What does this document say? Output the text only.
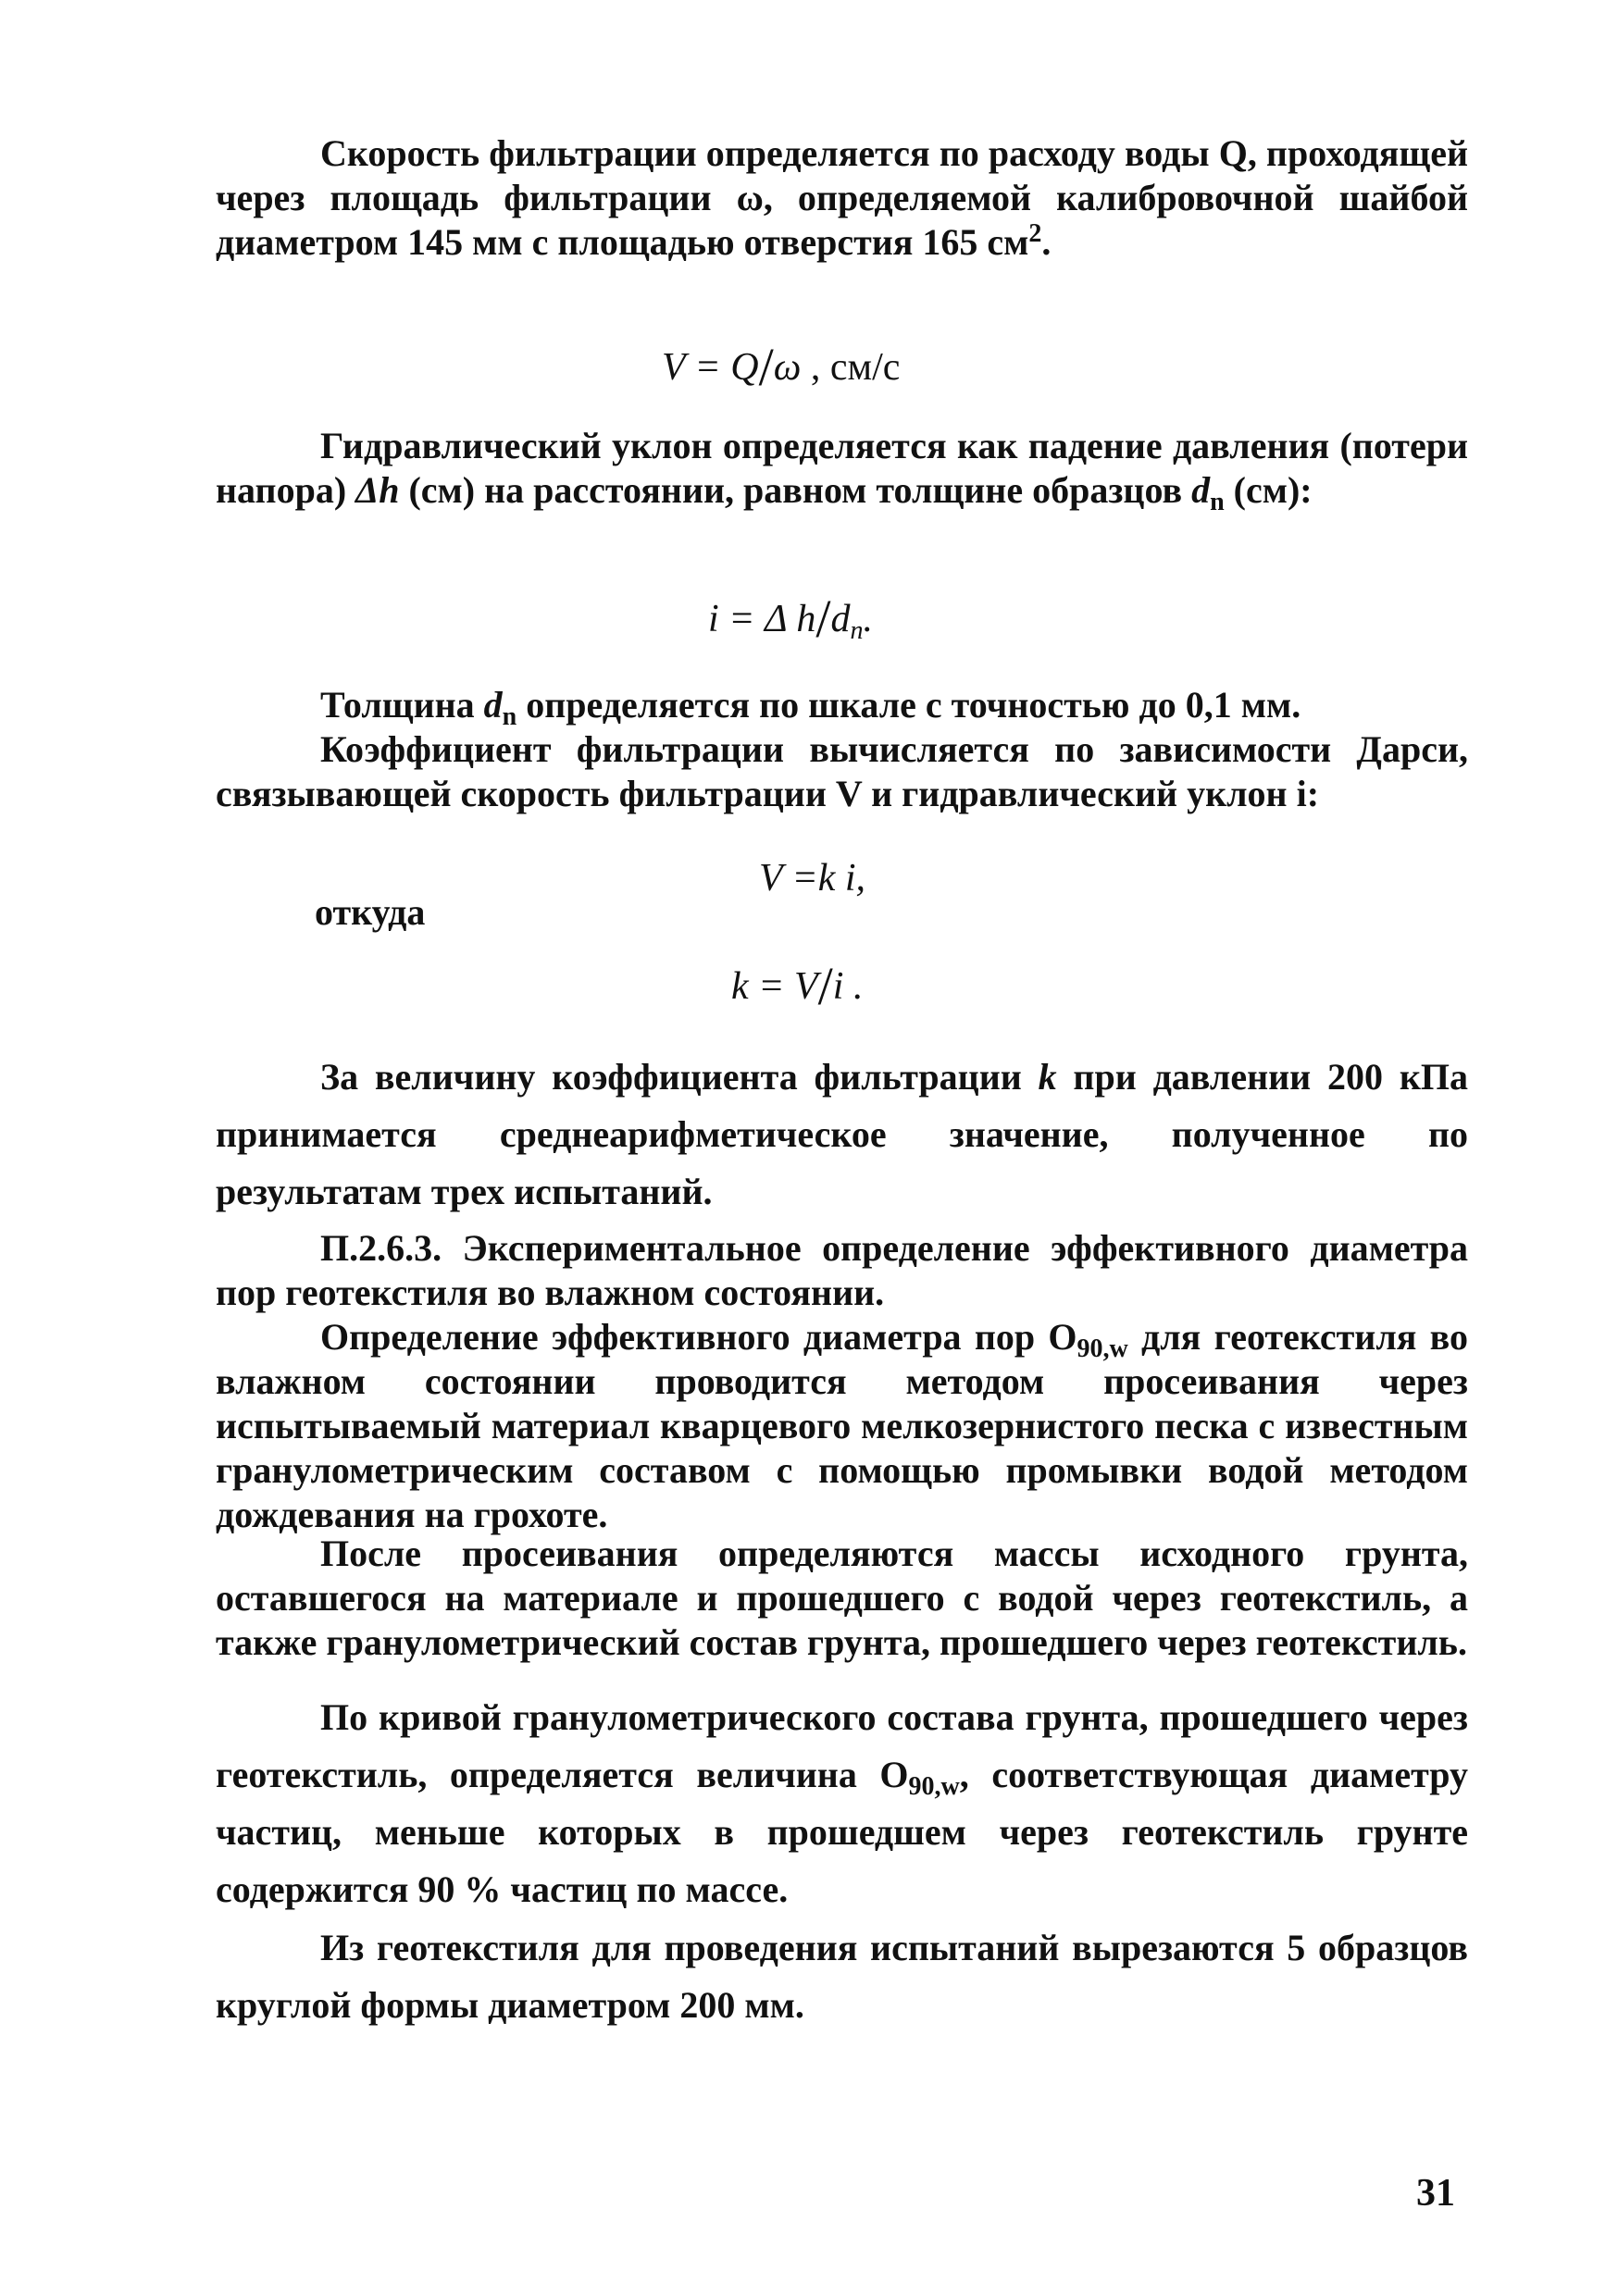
Скорость фильтрации определяется по расходу воды Q, проходящей через площадь фильтрации ω, определяемой калибровочной шайбой диаметром 145 мм с площадью отверстия 165 $см^2$.

V = Q/ω , см/с

Гидравлический уклон определяется как падение давления (потери напора) Δh (см) на расстоянии, равном толщине образцов $d_n$ (см):

i = Δ $h/d_n$.

Толщина $d_n$ определяется по шкале с точностью до 0,1 мм.

Коэффициент фильтрации вычисляется по зависимости Дарси, связывающей скорость фильтрации V и гидравлический уклон i:

V =k i,
откуда
k = V/i .

За величину коэффициента фильтрации k при давлении 200 кПа принимается среднеарифметическое значение, полученное по результатам трех испытаний.

П.2.6.3. Экспериментальное определение эффективного диаметра пор геотекстиля во влажном состоянии.

Определение эффективного диаметра пор $O_{90,w}$ для геотекстиля во влажном состоянии проводится методом просеивания через испытываемый материал кварцевого мелкозернистого песка с известным гранулометрическим составом с помощью промывки водой методом дождевания на грохоте.

После просеивания определяются массы исходного грунта, оставшегося на материале и прошедшего с водой через геотекстиль, а также гранулометрический состав грунта, прошедшего через геотекстиль.

По кривой гранулометрического состава грунта, прошедшего через геотекстиль, определяется величина $O_{90,w}$, соответствующая диаметру частиц, меньше которых в прошедшем через геотекстиль грунте содержится 90 % частиц по массе.

Из геотекстиля для проведения испытаний вырезаются 5 образцов круглой формы диаметром 200 мм.

31
